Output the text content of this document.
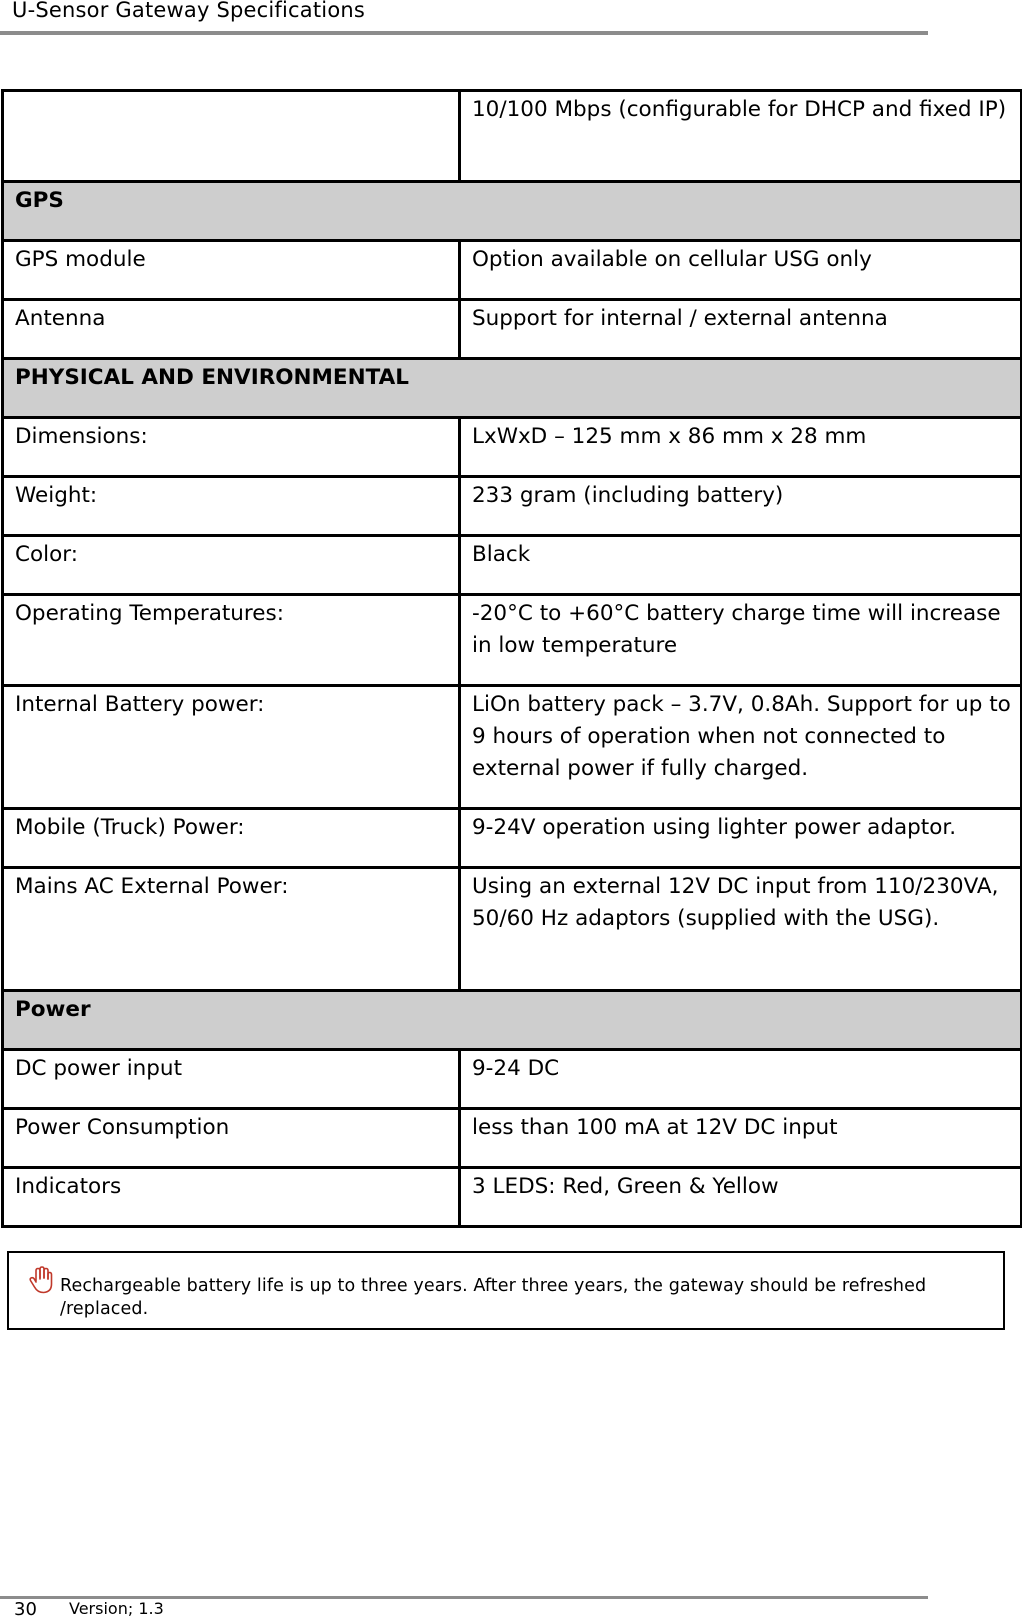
U-Sensor Gateway Specifications
	10/100 Mbps (configurable for DHCP and fixed IP)
GPS	
GPS module	Option available on cellular USG only
Antenna	Support for internal / external antenna
PHYSICAL AND ENVIRONMENTAL	
Dimensions:	LxWxD – 125 mm x 86 mm x 28 mm
Weight:	233 gram (including battery)
Color:	Black
Operating Temperatures:	-20°C to +60°C battery charge time will increase in low temperature
Internal Battery power:	LiOn battery pack – 3.7V, 0.8Ah. Support for up to 9 hours of operation when not connected to external power if fully charged.
Mobile (Truck) Power:	9-24V operation using lighter power adaptor.
Mains AC External Power:	Using an external 12V DC input from 110/230VA, 50/60 Hz adaptors (supplied with the USG).
Power	
DC power input	9-24 DC
Power Consumption	less than 100 mA at 12V DC input
Indicators	3 LEDS: Red, Green & Yellow
Rechargeable battery life is up to three years. After three years, the gateway should be refreshed /replaced.
30 Version; 1.3
